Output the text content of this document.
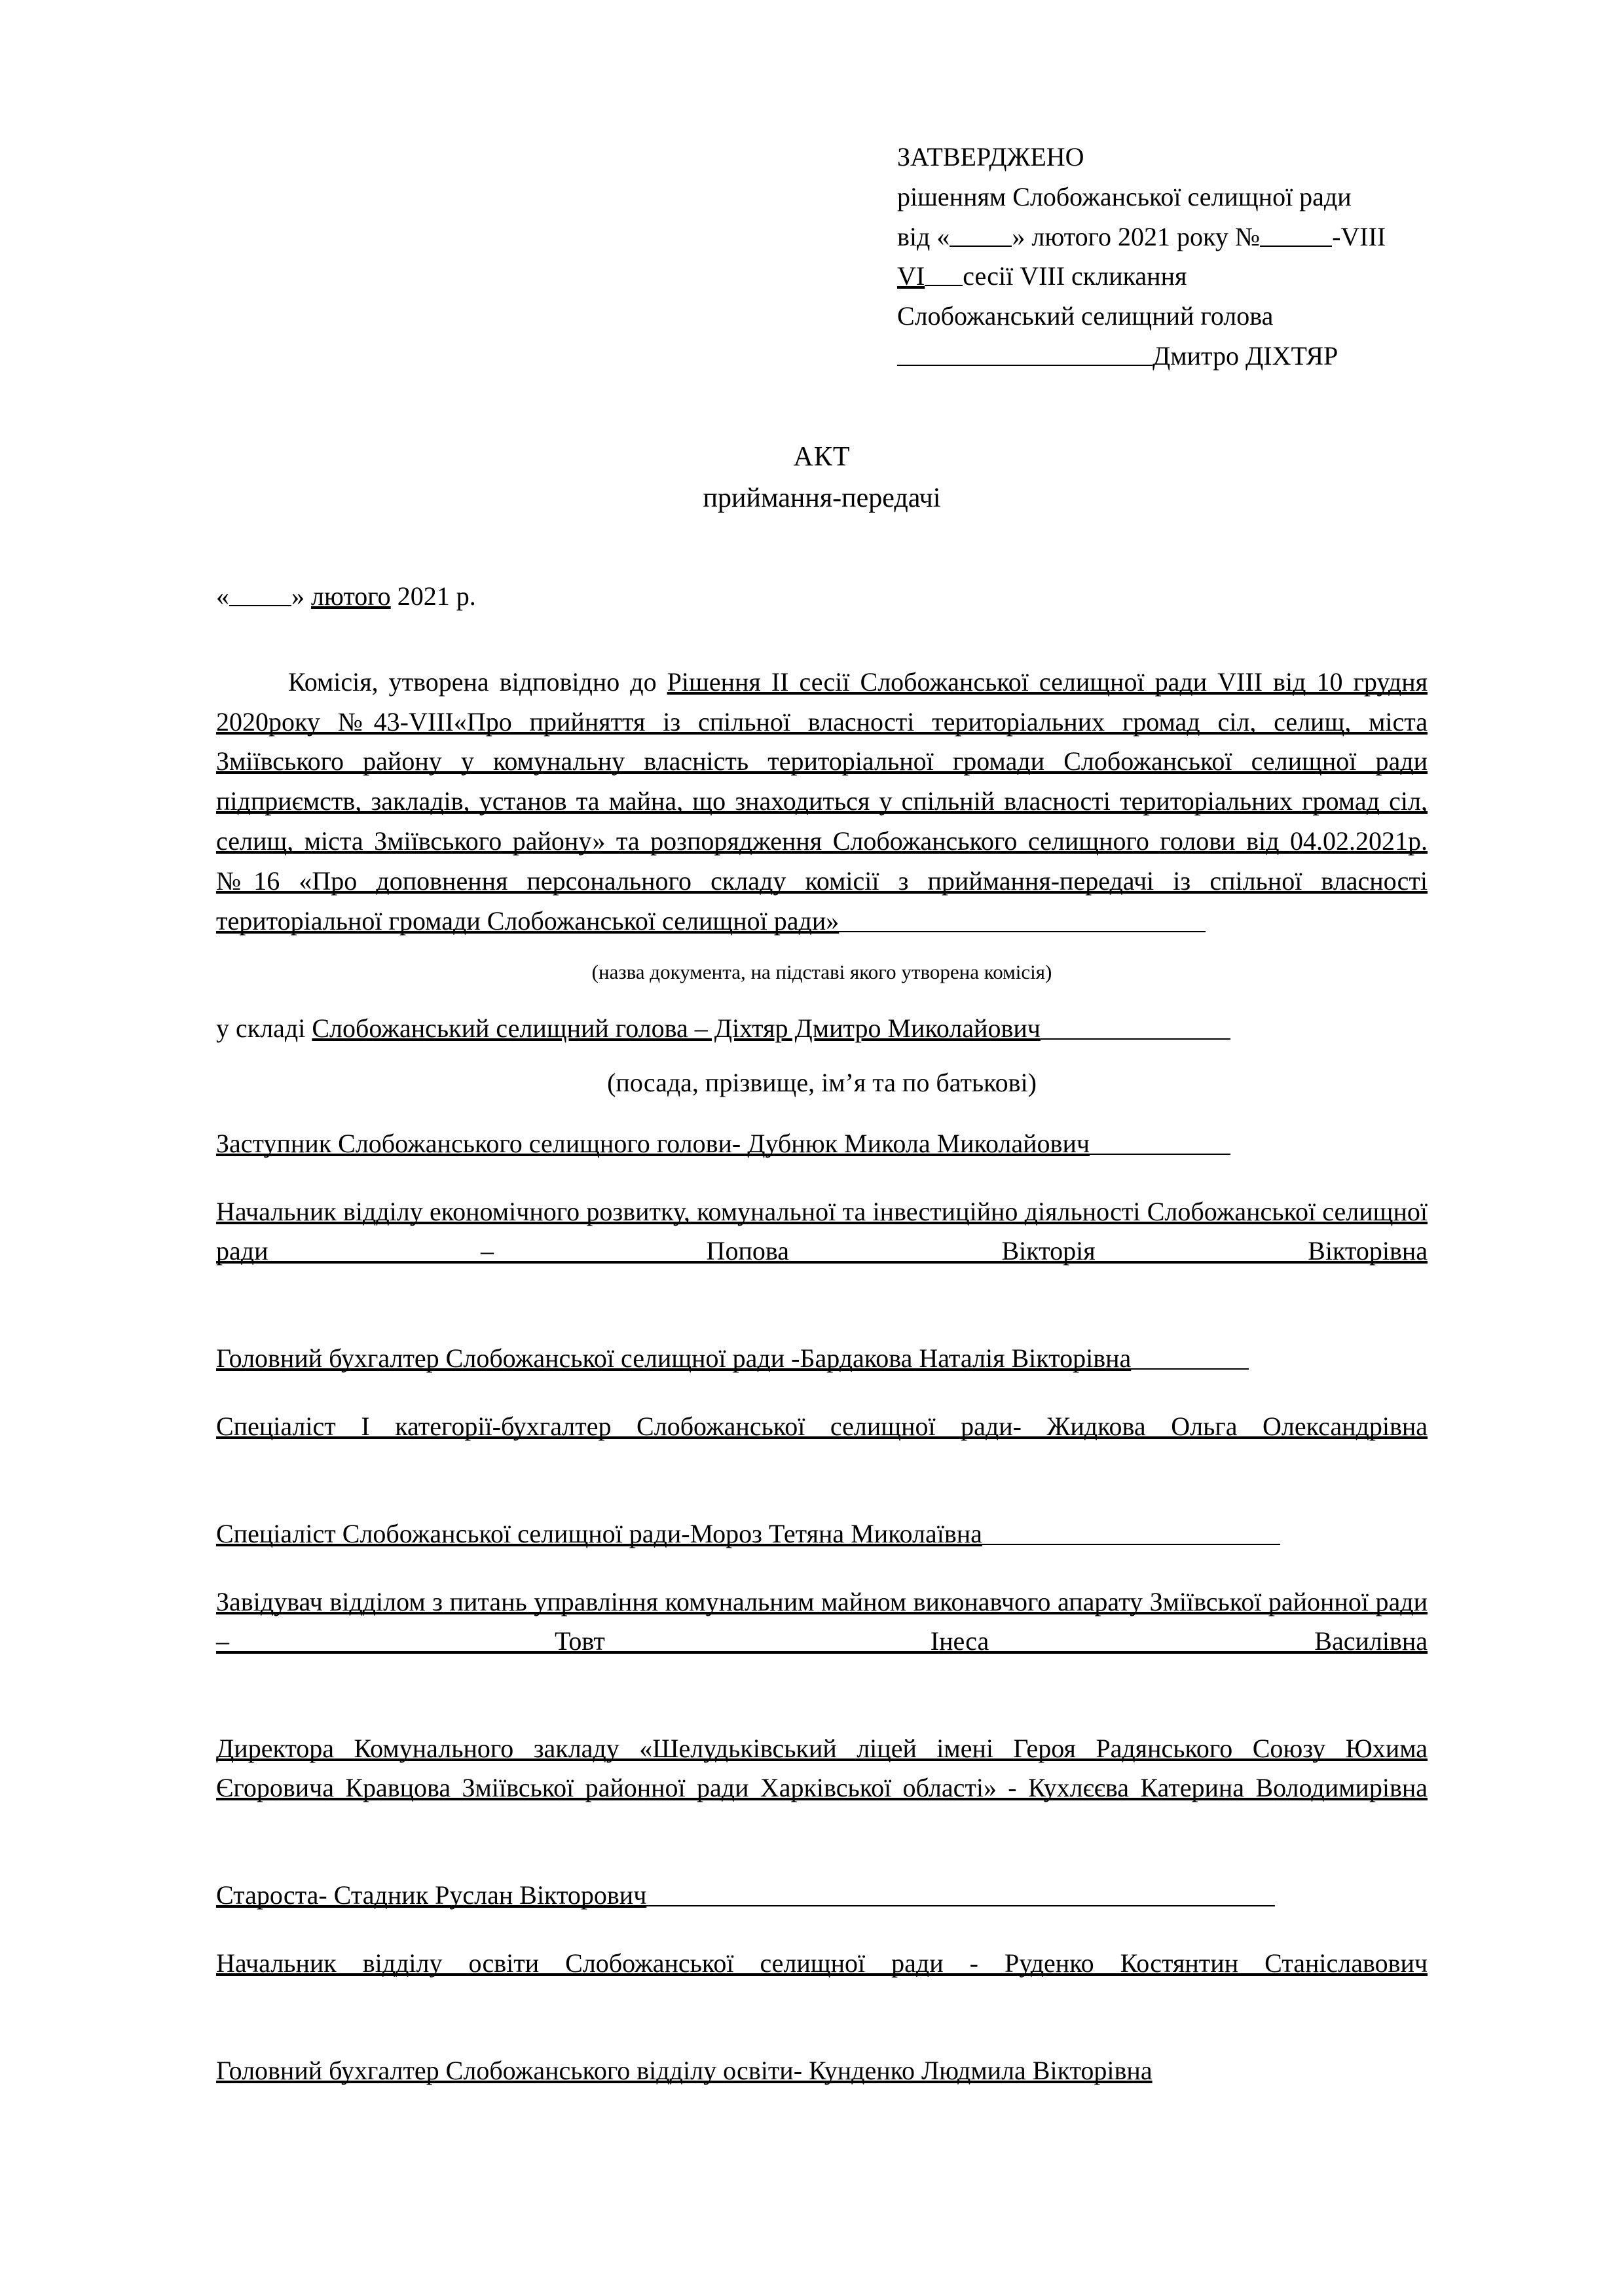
ЗАТВЕРДЖЕНО
рішенням Слобожанської селищної ради
від « » лютого 2021 року №	-VIII
VI сесії VIII скликання
Слобожанський селищний голова
Дмитро ДІХТЯР
АКТ
приймання-передачі
« » лютого 2021 р.
Комісія, утворена відповідно до Рішення II сесії Слобожанської селищної ради VIII від 10 грудня 2020року №43-VIII«Про прийняття із спільної власності територіальних громад сіл, селищ, міста Зміївського району у комунальну власність територіальної громади Слобожанської селищної ради підприємств, закладів, установ та майна, що знаходиться у спільній власності територіальних громад сіл, селищ, міста Зміївського району» та розпорядження Слобожанського селищного голови від 04.02.2021р. №16 «Про доповнення персонального складу комісії з приймання-передачі із спільної власності територіальної громади Слобожанської селищної ради»
(назва документа, на підставі якого утворена комісія)
у складі Слобожанський селищний голова – Діхтяр Дмитро Миколайович
(посада, прізвище, ім’я та по батькові)
Заступник Слобожанського селищного голови- Дубнюк Микола Миколайович
Начальник відділу економічного розвитку, комунальної та інвестиційно діяльності Слобожанської селищної ради – Попова Вікторія Вікторівна
Головний бухгалтер Слобожанської селищної ради -Бардакова Наталія Вікторівна
Спеціаліст І категорії-бухгалтер Слобожанської селищної ради- Жидкова Ольга Олександрівна
Спеціаліст Слобожанської селищної ради-Мороз Тетяна Миколаївна
Завідувач відділом з питань управління комунальним майном виконавчого апарату Зміївської районної ради – Товт Інеса Василівна
Директора Комунального закладу «Шелудьківський ліцей імені Героя Радянського Союзу Юхима Єгоровича Кравцова Зміївської районної ради Харківської області» - Кухлєєва Катерина Володимирівна
Староста- Стадник Руслан Вікторович
Начальник відділу освіти Слобожанської селищної ради - Руденко Костянтин Станіславович
Головний бухгалтер Слобожанського відділу освіти- Кунденко Людмила Вікторівна
